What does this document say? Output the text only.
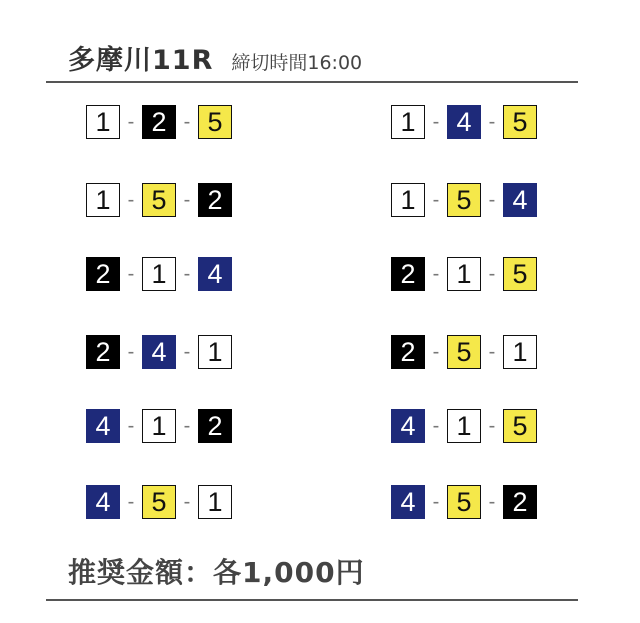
多摩川11R 締切時間16:00
1 - 2 - 5	1 - 4 - 5
1 - 5 - 2	1 - 5 - 4
2 - 1 - 4	2 - 1 - 5
2 - 4 - 1	2 - 5 - 1
4 - 1 - 2	4 - 1 - 5
4 - 5 - 1	4 - 5 - 2
推奨金額：各1,000円
